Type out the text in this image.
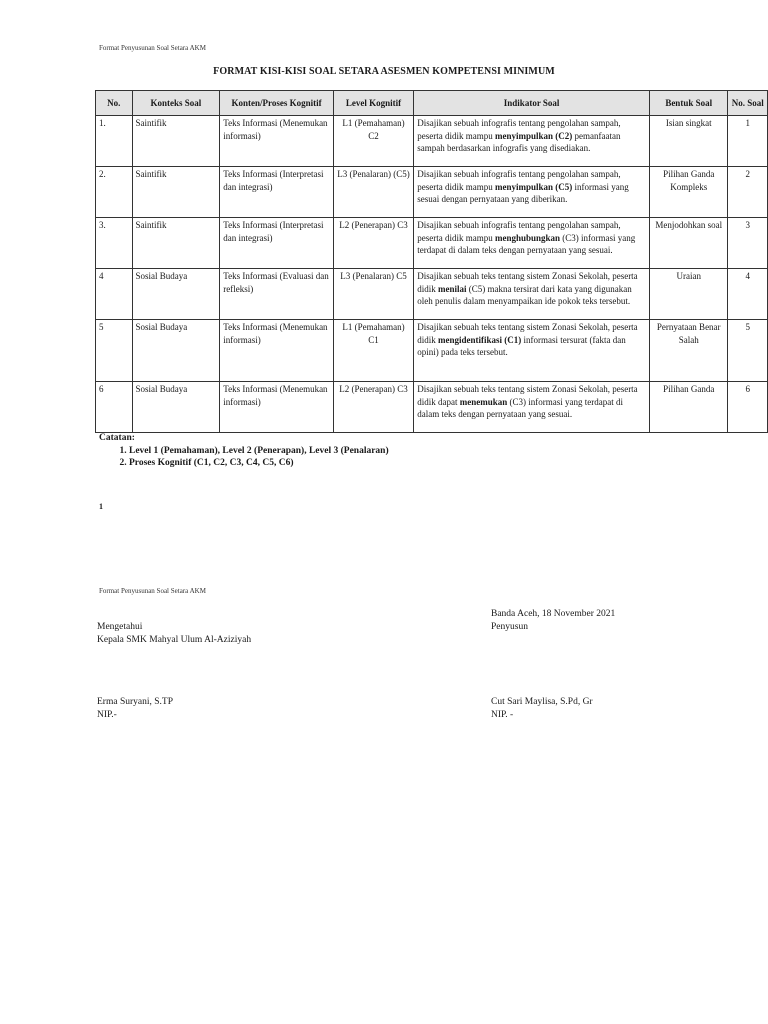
Format Penyusunan Soal Setara AKM
FORMAT KISI-KISI SOAL SETARA ASESMEN KOMPETENSI MINIMUM
No.	Konteks Soal	Konten/Proses Kognitif	Level Kognitif	Indikator Soal	Bentuk Soal	No. Soal
1.	Saintifik	Teks Informasi (Menemukan informasi)	L1 (Pemahaman) C2	Disajikan sebuah infografis tentang pengolahan sampah, peserta didik mampu menyimpulkan (C2) pemanfaatan sampah berdasarkan infografis yang disediakan.	Isian singkat	1
2.	Saintifik	Teks Informasi (Interpretasi dan integrasi)	L3 (Penalaran) (C5)	Disajikan sebuah infografis tentang pengolahan sampah, peserta didik mampu menyimpulkan (C5) informasi yang sesuai dengan pernyataan yang diberikan.	Pilihan Ganda Kompleks	2
3.	Saintifik	Teks Informasi (Interpretasi dan integrasi)	L2 (Penerapan) C3	Disajikan sebuah infografis tentang pengolahan sampah, peserta didik mampu menghubungkan (C3) informasi yang terdapat di dalam teks dengan pernyataan yang sesuai.	Menjodohkan soal	3
4	Sosial Budaya	Teks Informasi (Evaluasi dan refleksi)	L3 (Penalaran) C5	Disajikan sebuah teks tentang sistem Zonasi Sekolah, peserta didik menilai (C5) makna tersirat dari kata yang digunakan oleh penulis dalam menyampaikan ide pokok teks tersebut.	Uraian	4
5	Sosial Budaya	Teks Informasi (Menemukan informasi)	L1 (Pemahaman) C1	Disajikan sebuah teks tentang sistem Zonasi Sekolah, peserta didik mengidentifikasi (C1) informasi tersurat (fakta dan opini) pada teks tersebut.	Pernyataan Benar Salah	5
6	Sosial Budaya	Teks Informasi (Menemukan informasi)	L2 (Penerapan) C3	Disajikan sebuah teks tentang sistem Zonasi Sekolah, peserta didik dapat menemukan (C3) informasi yang terdapat di dalam teks dengan pernyataan yang sesuai.	Pilihan Ganda	6
Catatan:
1. Level 1 (Pemahaman), Level 2 (Penerapan), Level 3 (Penalaran)
2. Proses Kognitif (C1, C2, C3, C4, C5, C6)
1
Format Penyusunan Soal Setara AKM
Banda Aceh, 18 November 2021
Penyusun
Mengetahui
Kepala SMK Mahyal Ulum Al-Aziziyah
Erma Suryani, S.TP
NIP.-
Cut Sari Maylisa, S.Pd, Gr
NIP. -
